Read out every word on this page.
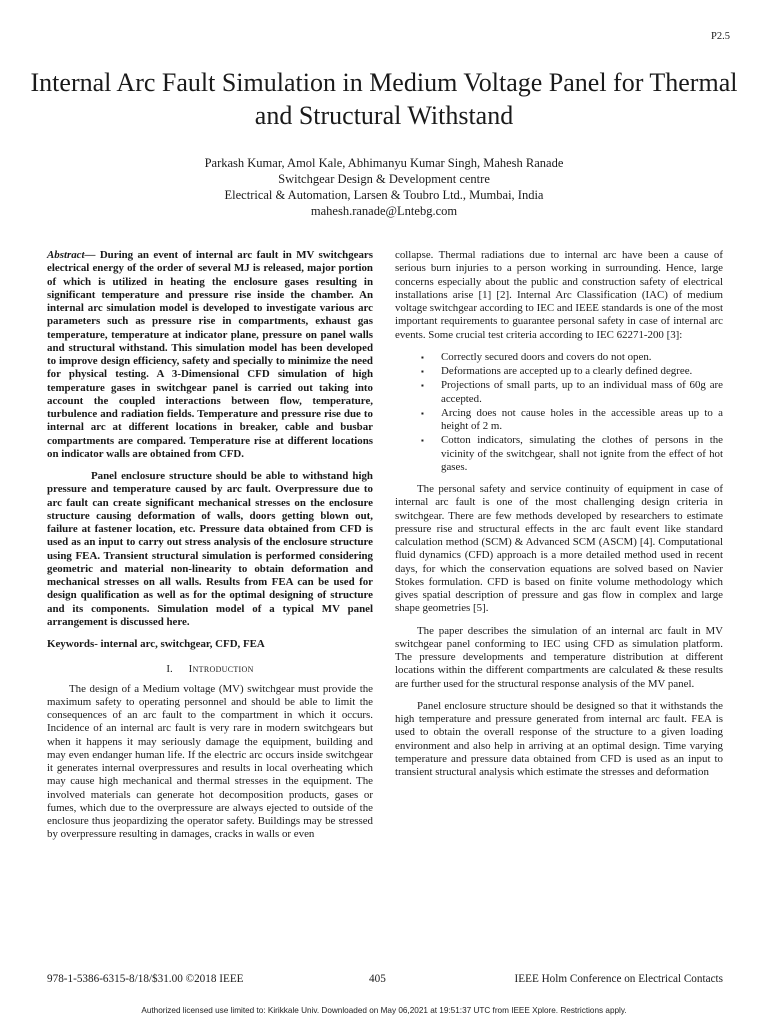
P2.5
Internal Arc Fault Simulation in Medium Voltage Panel for Thermal and Structural Withstand
Parkash Kumar, Amol Kale, Abhimanyu Kumar Singh, Mahesh Ranade
Switchgear Design & Development centre
Electrical & Automation, Larsen & Toubro Ltd., Mumbai, India
mahesh.ranade@Lntebg.com

Abstract— During an event of internal arc fault in MV switchgears electrical energy of the order of several MJ is released, major portion of which is utilized in heating the enclosure gases resulting in significant temperature and pressure rise inside the chamber. An internal arc simulation model is developed to investigate various arc parameters such as pressure rise in compartments, exhaust gas temperature, temperature at indicator plane, pressure on panel walls and structural withstand. This simulation model has been developed to improve design efficiency, safety and specially to minimize the need for physical testing. A 3-Dimensional CFD simulation of high temperature gases in switchgear panel is carried out taking into account the coupled interactions between flow, temperature, turbulence and radiation fields. Temperature and pressure rise due to internal arc at different locations in breaker, cable and busbar compartments are compared. Temperature rise at different locations on indicator walls are obtained from CFD.

Panel enclosure structure should be able to withstand high pressure and temperature caused by arc fault. Overpressure due to arc fault can create significant mechanical stresses on the enclosure structure causing deformation of walls, doors getting blown out, failure at fastener location, etc. Pressure data obtained from CFD is used as an input to carry out stress analysis of the enclosure structure using FEA. Transient structural simulation is performed considering geometric and material non-linearity to obtain deformation and mechanical stresses on all walls. Results from FEA can be used for design qualification as well as for the optimal designing of structure and its components. Simulation model of a typical MV panel arrangement is discussed here.

Keywords- internal arc, switchgear, CFD, FEA

I. Introduction

The design of a Medium voltage (MV) switchgear must provide the maximum safety to operating personnel and should be able to limit the consequences of an arc fault to the compartment in which it occurs. Incidence of an internal arc fault is very rare in modern switchgears but when it happens it may seriously damage the equipment, building and may even endanger human life. If the electric arc occurs inside switchgear it generates internal overpressures and results in local overheating which may cause high mechanical and thermal stresses in the equipment. The involved materials can generate hot decomposition products, gases or fumes, which due to the overpressure are always ejected to outside of the enclosure thus jeopardizing the operator safety. Buildings may be stressed by overpressure resulting in damages, cracks in walls or even

collapse. Thermal radiations due to internal arc have been a cause of serious burn injuries to a person working in surrounding. Hence, large concerns especially about the public and construction safety of electrical installations arise [1] [2]. Internal Arc Classification (IAC) of medium voltage switchgear according to IEC and IEEE standards is one of the most important requirements to guarantee personal safety in case of internal arc events. Some crucial test criteria according to IEC 62271-200 [3]:

▪ Correctly secured doors and covers do not open.
▪ Deformations are accepted up to a clearly defined degree.
▪ Projections of small parts, up to an individual mass of 60g are accepted.
▪ Arcing does not cause holes in the accessible areas up to a height of 2 m.
▪ Cotton indicators, simulating the clothes of persons in the vicinity of the switchgear, shall not ignite from the effect of hot gases.

The personal safety and service continuity of equipment in case of internal arc fault is one of the most challenging design criteria in switchgear. There are few methods developed by researchers to estimate pressure rise and structural effects in the arc fault event like standard calculation method (SCM) & Advanced SCM (ASCM) [4]. Computational fluid dynamics (CFD) approach is a more detailed method used in recent days, for which the conservation equations are solved based on Navier Stokes formulation. CFD is based on finite volume methodology which gives spatial description of pressure and gas flow in complex and large shape geometries [5].

The paper describes the simulation of an internal arc fault in MV switchgear panel conforming to IEC using CFD as simulation platform. The pressure developments and temperature distribution at different locations within the different compartments are calculated & these results are further used for the structural response analysis of the MV panel.

Panel enclosure structure should be designed so that it withstands the high temperature and pressure generated from internal arc fault. FEA is used to obtain the overall response of the structure to a given loading environment and also help in arriving at an optimal design. Time varying temperature and pressure data obtained from CFD is used as an input to transient structural analysis which estimate the stresses and deformation

978-1-5386-6315-8/18/$31.00 ©2018 IEEE	405	IEEE Holm Conference on Electrical Contacts
Authorized licensed use limited to: Kirikkale Univ. Downloaded on May 06,2021 at 19:51:37 UTC from IEEE Xplore. Restrictions apply.
